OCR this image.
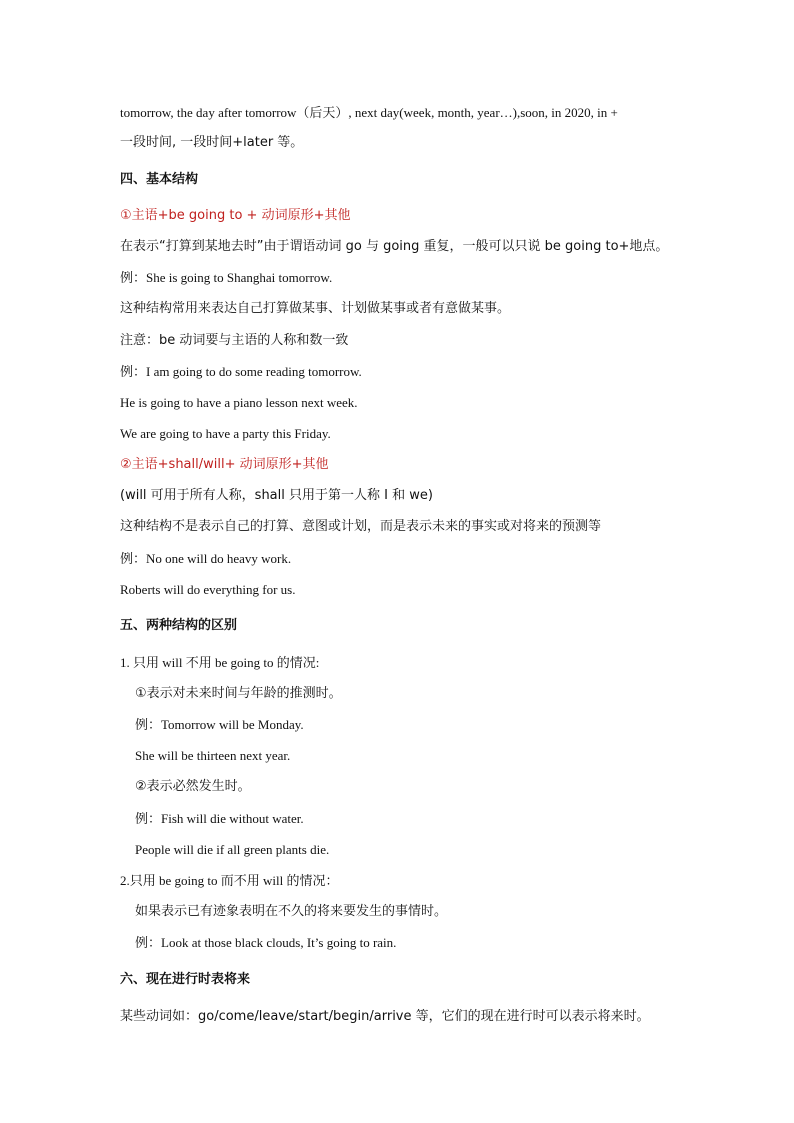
tomorrow, the day after tomorrow（后天）, next day(week, month, year…),soon, in 2020, in +
一段时间, 一段时间+later 等。
四、基本结构
①主语+be going to + 动词原形+其他
在表示“打算到某地去时”由于谓语动词 go 与 going 重复，一般可以只说 be going to+地点。
例：She is going to Shanghai tomorrow.
这种结构常用来表达自己打算做某事、计划做某事或者有意做某事。
注意：be 动词要与主语的人称和数一致
例：I am going to do some reading tomorrow.
He is going to have a piano lesson next week.
We are going to have a party this Friday.
②主语+shall/will+ 动词原形+其他
(will 可用于所有人称，shall 只用于第一人称 I 和 we)
这种结构不是表示自己的打算、意图或计划，而是表示未来的事实或对将来的预测等
例：No one will do heavy work.
Roberts will do everything for us.
五、两种结构的区别
1. 只用 will 不用 be going to 的情况:
①表示对未来时间与年龄的推测时。
例：Tomorrow will be Monday.
She will be thirteen next year.
②表示必然发生时。
例：Fish will die without water.
People will die if all green plants die.
2.只用 be going to 而不用 will 的情况：
如果表示已有迹象表明在不久的将来要发生的事情时。
例：Look at those black clouds, It’s going to rain.
六、现在进行时表将来
某些动词如：go/come/leave/start/begin/arrive 等，它们的现在进行时可以表示将来时。
